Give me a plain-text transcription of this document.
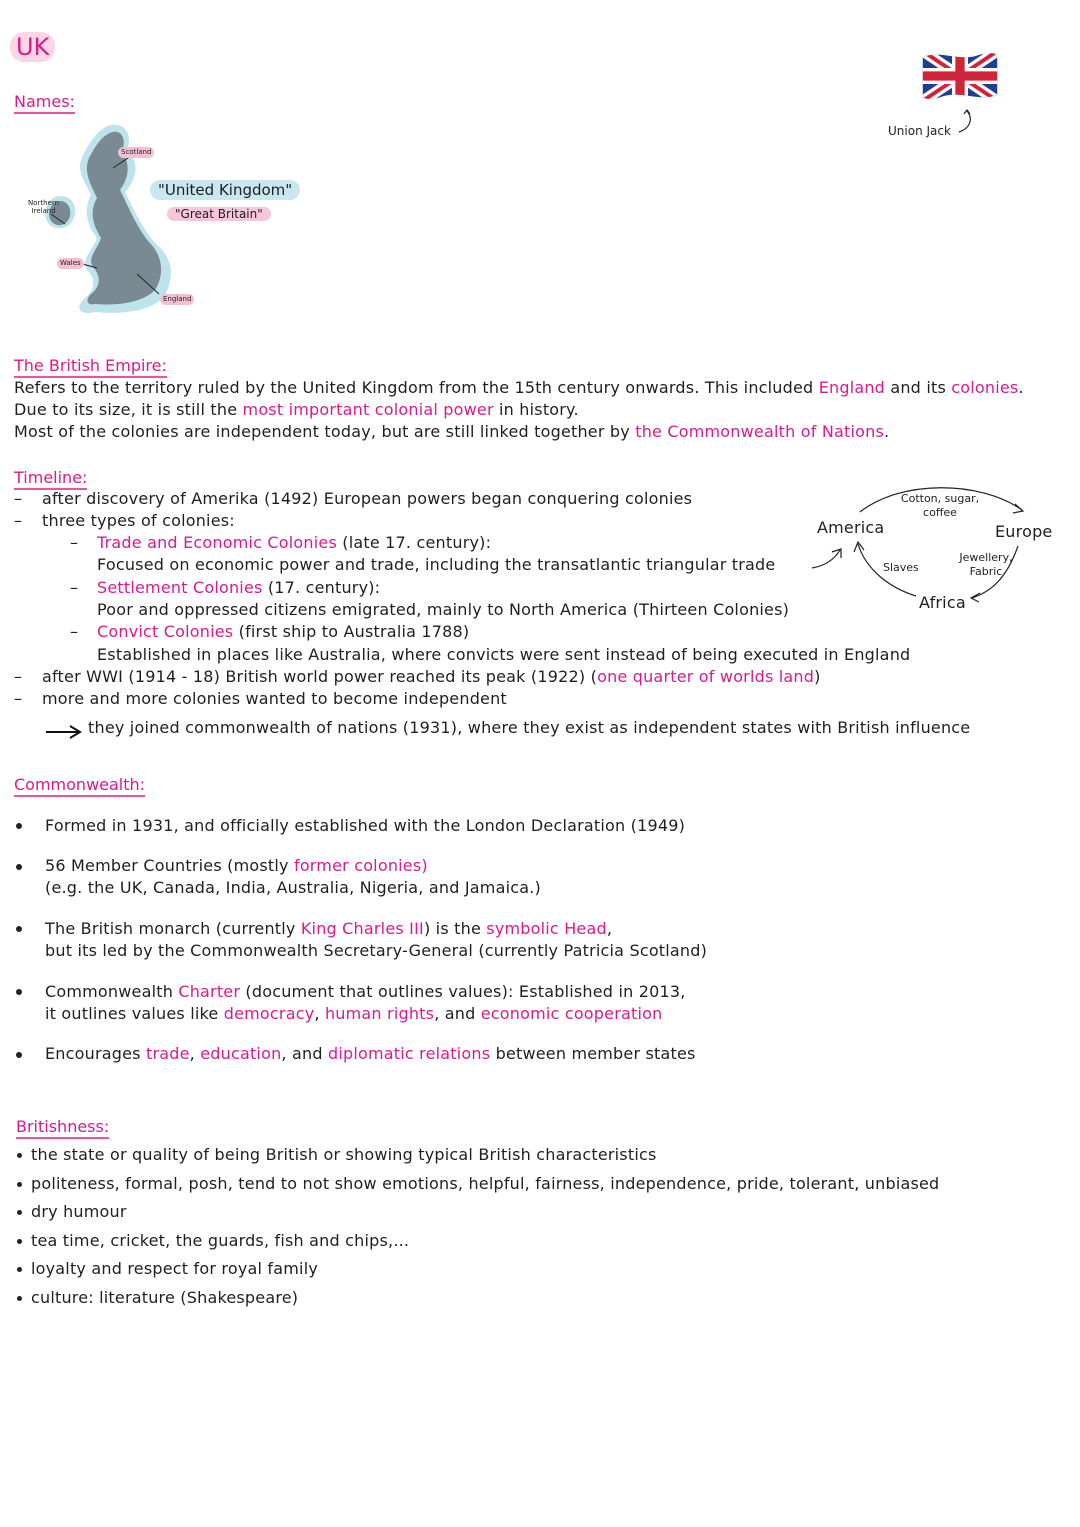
UK
Names:
Scotland
Northern
Ireland
Wales
England
"United Kingdom"
"Great Britain"
Union Jack
The British Empire:
Refers to the territory ruled by the United Kingdom from the 15th century onwards. This included England and its colonies.
Due to its size, it is still the most important colonial power in history.
Most of the colonies are independent today, but are still linked together by the Commonwealth of Nations.
Timeline:
– after discovery of Amerika (1492) European powers began conquering colonies
– three types of colonies:
– Trade and Economic Colonies (late 17. century):
Focused on economic power and trade, including the transatlantic triangular trade
– Settlement Colonies (17. century):
Poor and oppressed citizens emigrated, mainly to North America (Thirteen Colonies)
– Convict Colonies (first ship to Australia 1788)
Established in places like Australia, where convicts were sent instead of being executed in England
– after WWI (1914 - 18) British world power reached its peak (1922) (one quarter of worlds land)
– more and more colonies wanted to become independent
they joined commonwealth of nations (1931), where they exist as independent states with British influence
America	Europe
Africa
Cotton, sugar,
coffee
Slaves
Jewellery,
Fabric
Commonwealth:
Formed in 1931, and officially established with the London Declaration (1949)
56 Member Countries (mostly former colonies)
(e.g. the UK, Canada, India, Australia, Nigeria, and Jamaica.)
The British monarch (currently King Charles III) is the symbolic Head,
but its led by the Commonwealth Secretary-General (currently Patricia Scotland)
Commonwealth Charter (document that outlines values): Established in 2013,
it outlines values like democracy, human rights, and economic cooperation
Encourages trade, education, and diplomatic relations between member states
Britishness:
the state or quality of being British or showing typical British characteristics
politeness, formal, posh, tend to not show emotions, helpful, fairness, independence, pride, tolerant, unbiased
dry humour
tea time, cricket, the guards, fish and chips,...
loyalty and respect for royal family
culture: literature (Shakespeare)
